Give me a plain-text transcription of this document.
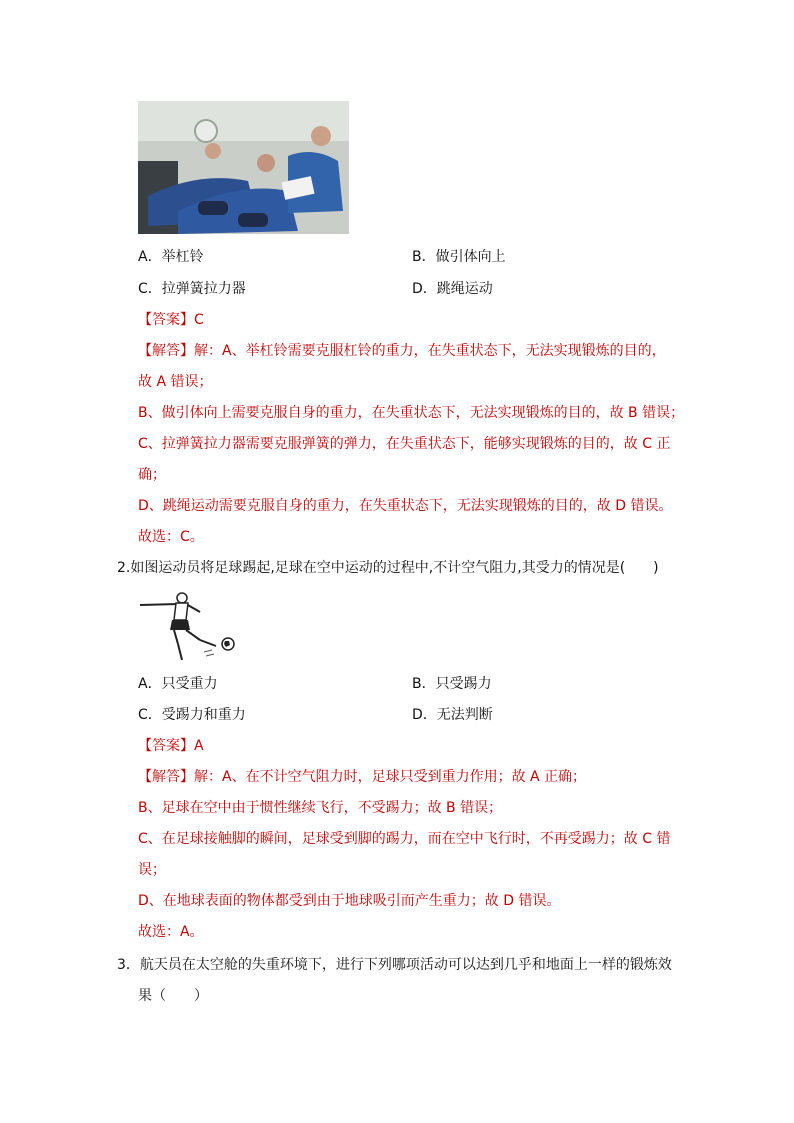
A．举杠铃	B．做引体向上
C．拉弹簧拉力器	D．跳绳运动
【答案】C
【解答】解：A、举杠铃需要克服杠铃的重力，在失重状态下，无法实现锻炼的目的，
故 A 错误；
B、做引体向上需要克服自身的重力，在失重状态下，无法实现锻炼的目的，故 B 错误；
C、拉弹簧拉力器需要克服弹簧的弹力，在失重状态下，能够实现锻炼的目的，故 C 正
确；
D、跳绳运动需要克服自身的重力，在失重状态下，无法实现锻炼的目的，故 D 错误。
故选：C。
2.如图运动员将足球踢起,足球在空中运动的过程中,不计空气阻力,其受力的情况是(　　)
A．只受重力	B．只受踢力
C．受踢力和重力	D．无法判断
【答案】A
【解答】解：A、在不计空气阻力时，足球只受到重力作用；故 A 正确；
B、足球在空中由于惯性继续飞行，不受踢力；故 B 错误；
C、在足球接触脚的瞬间，足球受到脚的踢力，而在空中飞行时，不再受踢力；故 C 错
误；
D、在地球表面的物体都受到由于地球吸引而产生重力；故 D 错误。
故选：A。
3．航天员在太空舱的失重环境下，进行下列哪项活动可以达到几乎和地面上一样的锻炼效
果（　　）
